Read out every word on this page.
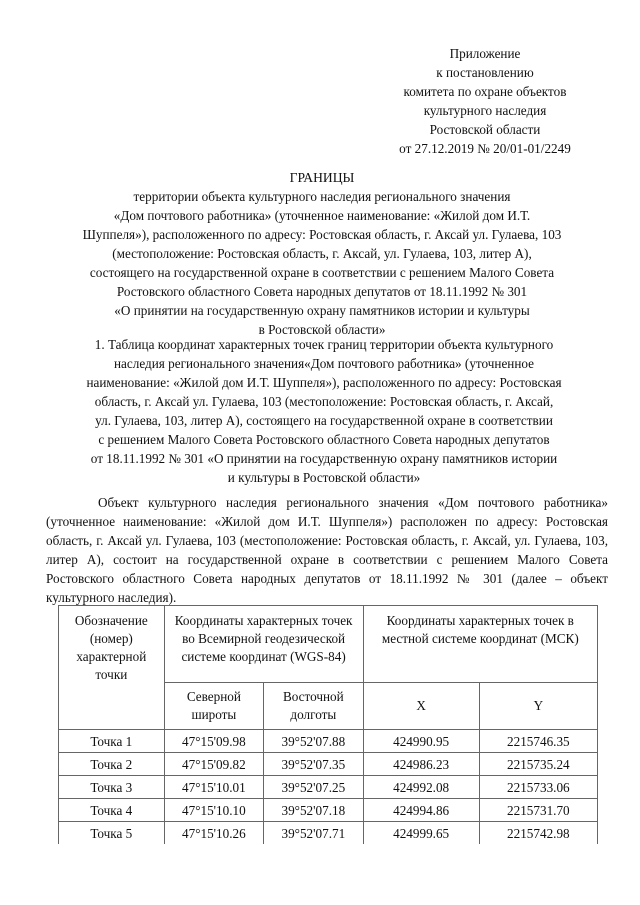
Приложение
к постановлению
комитета по охране объектов
культурного наследия
Ростовской области
от 27.12.2019 № 20/01-01/2249
ГРАНИЦЫ
территории объекта культурного наследия регионального значения
«Дом почтового работника» (уточненное наименование: «Жилой дом И.Т.
Шуппеля»), расположенного по адресу: Ростовская область, г. Аксай ул. Гулаева, 103
(местоположение: Ростовская область, г. Аксай, ул. Гулаева, 103, литер А),
состоящего на государственной охране в соответствии с решением Малого Совета
Ростовского областного Совета народных депутатов от 18.11.1992 № 301
«О принятии на государственную охрану памятников истории и культуры
в Ростовской области»
1. Таблица координат характерных точек границ территории объекта культурного
наследия регионального значения«Дом почтового работника» (уточненное
наименование: «Жилой дом И.Т. Шуппеля»), расположенного по адресу: Ростовская
область, г. Аксай ул. Гулаева, 103 (местоположение: Ростовская область, г. Аксай,
ул. Гулаева, 103, литер А), состоящего на государственной охране в соответствии
с решением Малого Совета Ростовского областного Совета народных депутатов
от 18.11.1992 № 301 «О принятии на государственную охрану памятников истории
и культуры в Ростовской области»
Объект культурного наследия регионального значения «Дом почтового работника» (уточненное наименование: «Жилой дом И.Т. Шуппеля») расположен по адресу: Ростовская область, г. Аксай ул. Гулаева, 103 (местоположение: Ростовская область, г. Аксай, ул. Гулаева, 103, литер А), состоит на государственной охране в соответствии с решением Малого Совета Ростовского областного Совета народных депутатов от 18.11.1992 № 301 (далее – объект культурного наследия).
Обозначение (номер) характерной точки	Координаты характерных точек во Всемирной геодезической системе координат (WGS-84)		Координаты характерных точек в местной системе координат (МСК)	
	Северной широты	Восточной долготы	X	Y
Точка 1	47°15'09.98	39°52'07.88	424990.95	2215746.35
Точка 2	47°15'09.82	39°52'07.35	424986.23	2215735.24
Точка 3	47°15'10.01	39°52'07.25	424992.08	2215733.06
Точка 4	47°15'10.10	39°52'07.18	424994.86	2215731.70
Точка 5	47°15'10.26	39°52'07.71	424999.65	2215742.98
